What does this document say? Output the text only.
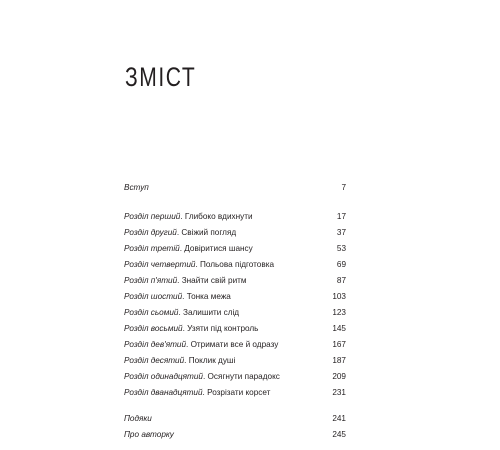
ЗМІСТ
Вступ	7
Розділ перший . Глибоко вдихнути	17
Розділ другий . Свіжий погляд	37
Розділ третій . Довіритися шансу	53
Розділ четвертий . Польова підготовка	69
Розділ п'ятий . Знайти свій ритм	87
Розділ шостий . Тонка межа	103
Розділ сьомий . Залишити слід	123
Розділ восьмий . Узяти під контроль	145
Розділ дев'ятий . Отримати все й одразу	167
Розділ десятий . Поклик душі	187
Розділ одинадцятий . Осягнути парадокс	209
Розділ дванадцятий . Розрізати корсет	231
Подяки	241
Про авторку	245
